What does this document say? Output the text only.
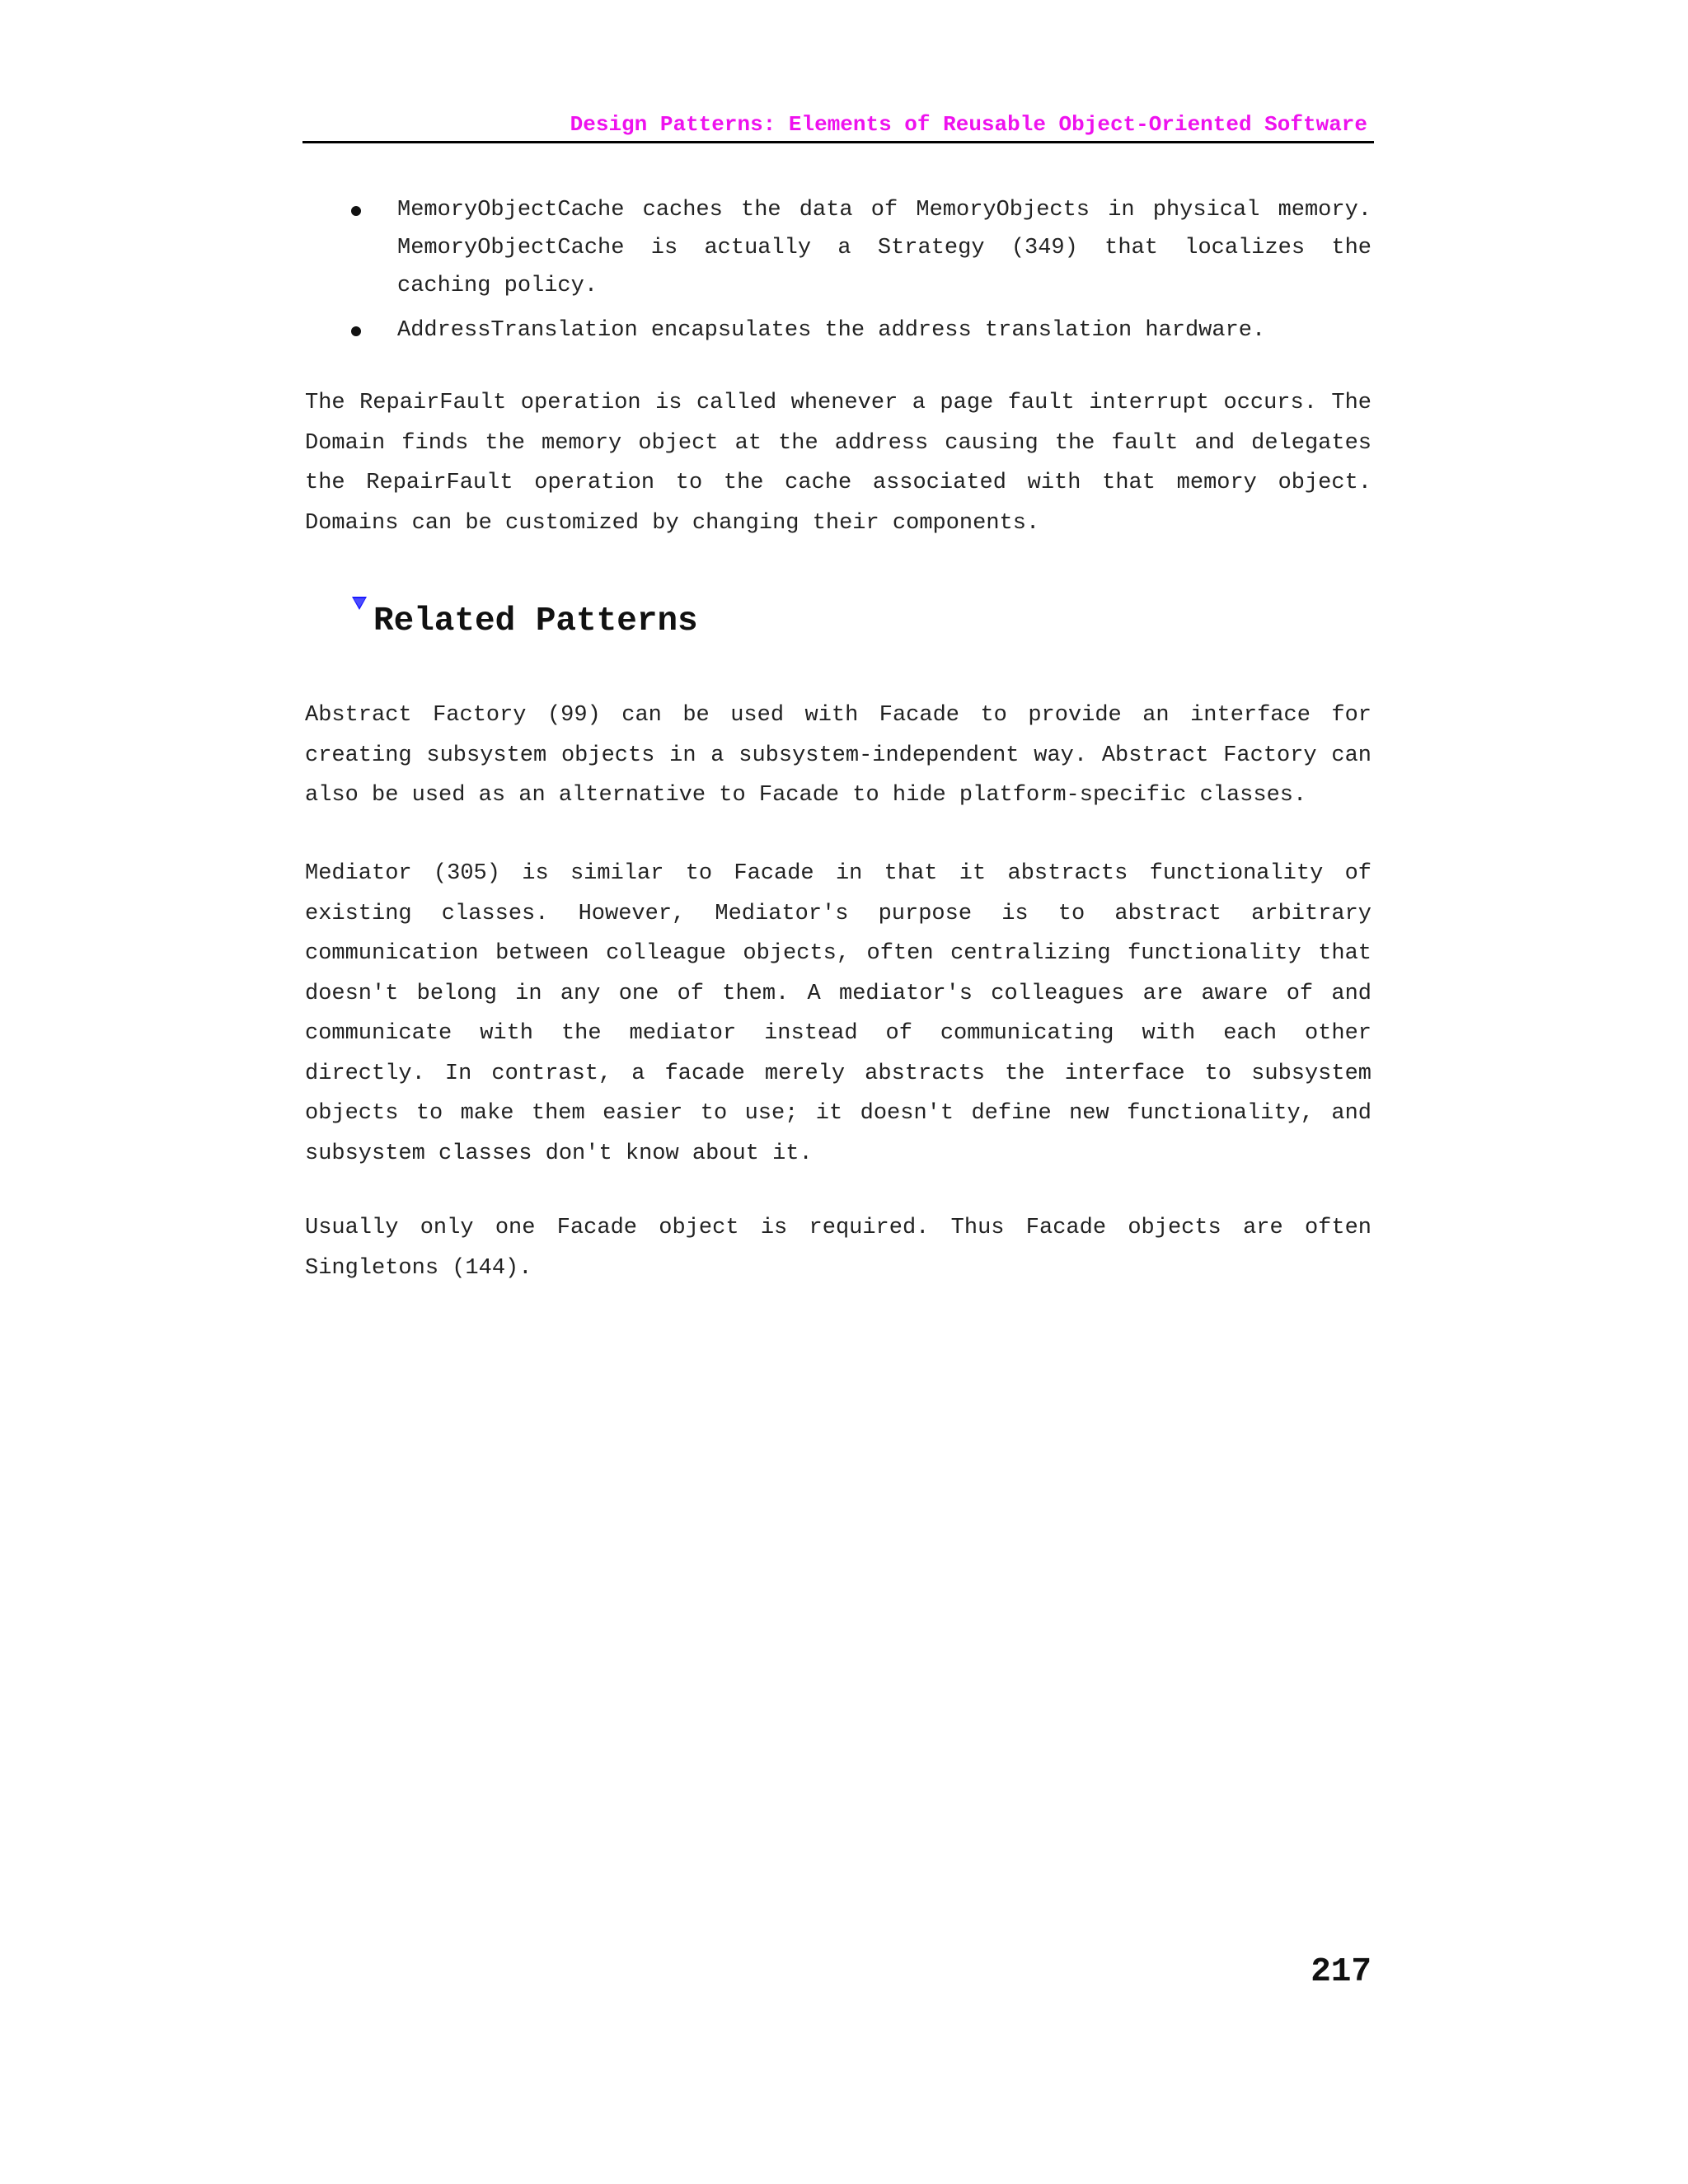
Design Patterns: Elements of Reusable Object-Oriented Software
MemoryObjectCache caches the data of MemoryObjects in physical memory. MemoryObjectCache is actually a Strategy (349) that localizes the caching policy.
AddressTranslation encapsulates the address translation hardware.

The RepairFault operation is called whenever a page fault interrupt occurs. The Domain finds the memory object at the address causing the fault and delegates the RepairFault operation to the cache associated with that memory object. Domains can be customized by changing their components.

Related Patterns

Abstract Factory (99) can be used with Facade to provide an interface for creating subsystem objects in a subsystem-independent way. Abstract Factory can also be used as an alternative to Facade to hide platform-specific classes.

Mediator (305) is similar to Facade in that it abstracts functionality of existing classes. However, Mediator's purpose is to abstract arbitrary communication between colleague objects, often centralizing functionality that doesn't belong in any one of them. A mediator's colleagues are aware of and communicate with the mediator instead of communicating with each other directly. In contrast, a facade merely abstracts the interface to subsystem objects to make them easier to use; it doesn't define new functionality, and subsystem classes don't know about it.

Usually only one Facade object is required. Thus Facade objects are often Singletons (144).

217
